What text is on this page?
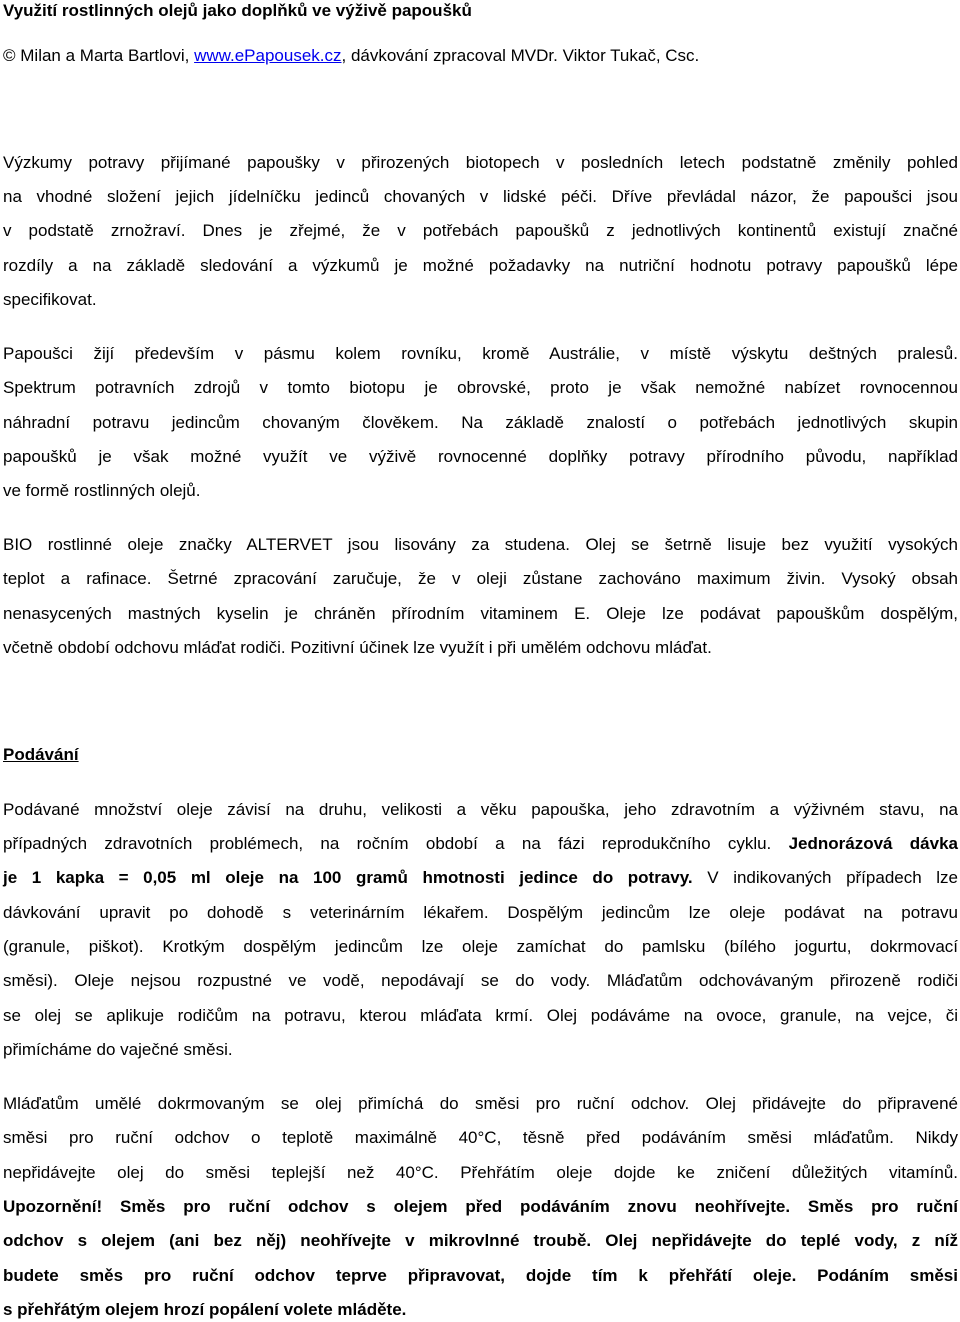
Využití rostlinných olejů jako doplňků ve výživě papoušků
© Milan a Marta Bartlovi, www.ePapousek.cz, dávkování zpracoval MVDr. Viktor Tukač, Csc.
Výzkumy potravy přijímané papoušky v přirozených biotopech v posledních letech podstatně změnily pohled
na vhodné složení jejich jídelníčku jedinců chovaných v lidské péči. Dříve převládal názor, že papoušci jsou
v podstatě zrnožraví. Dnes je zřejmé, že v potřebách papoušků z jednotlivých kontinentů existují značné
rozdíly a na základě sledování a výzkumů je možné požadavky na nutriční hodnotu potravy papoušků lépe
specifikovat.
Papoušci žijí především v pásmu kolem rovníku, kromě Austrálie, v místě výskytu deštných pralesů.
Spektrum potravních zdrojů v tomto biotopu je obrovské, proto je však nemožné nabízet rovnocennou
náhradní potravu jedincům chovaným člověkem. Na základě znalostí o potřebách jednotlivých skupin
papoušků je však možné využít ve výživě rovnocenné doplňky potravy přírodního původu, například
ve formě rostlinných olejů.
BIO rostlinné oleje značky ALTERVET jsou lisovány za studena. Olej se šetrně lisuje bez využití vysokých
teplot a rafinace. Šetrné zpracování zaručuje, že v oleji zůstane zachováno maximum živin. Vysoký obsah
nenasycených mastných kyselin je chráněn přírodním vitaminem E. Oleje lze podávat papouškům dospělým,
včetně období odchovu mláďat rodiči. Pozitivní účinek lze využít i při umělém odchovu mláďat.
Podávání
Podávané množství oleje závisí na druhu, velikosti a věku papouška, jeho zdravotním a výživném stavu, na
případných zdravotních problémech, na ročním období a na fázi reprodukčního cyklu. Jednorázová dávka
je 1 kapka = 0,05 ml oleje na 100 gramů hmotnosti jedince do potravy. V indikovaných případech lze
dávkování upravit po dohodě s veterinárním lékařem. Dospělým jedincům lze oleje podávat na potravu
(granule, piškot). Krotkým dospělým jedincům lze oleje zamíchat do pamlsku (bílého jogurtu, dokrmovací
směsi). Oleje nejsou rozpustné ve vodě, nepodávají se do vody. Mláďatům odchovávaným přirozeně rodiči
se olej se aplikuje rodičům na potravu, kterou mláďata krmí. Olej podáváme na ovoce, granule, na vejce, či
přimícháme do vaječné směsi.
Mláďatům umělé dokrmovaným se olej přimíchá do směsi pro ruční odchov. Olej přidávejte do připravené
směsi pro ruční odchov o teplotě maximálně 40°C, těsně před podáváním směsi mláďatům. Nikdy
nepřidávejte olej do směsi teplejší než 40°C. Přehřátím oleje dojde ke zničení důležitých vitamínů.
Upozornění! Směs pro ruční odchov s olejem před podáváním znovu neohřívejte. Směs pro ruční
odchov s olejem (ani bez něj) neohřívejte v mikrovlnné troubě. Olej nepřidávejte do teplé vody, z níž
budete směs pro ruční odchov teprve připravovat, dojde tím k přehřátí oleje. Podáním směsi
s přehřátým olejem hrozí popálení volete mláděte.
